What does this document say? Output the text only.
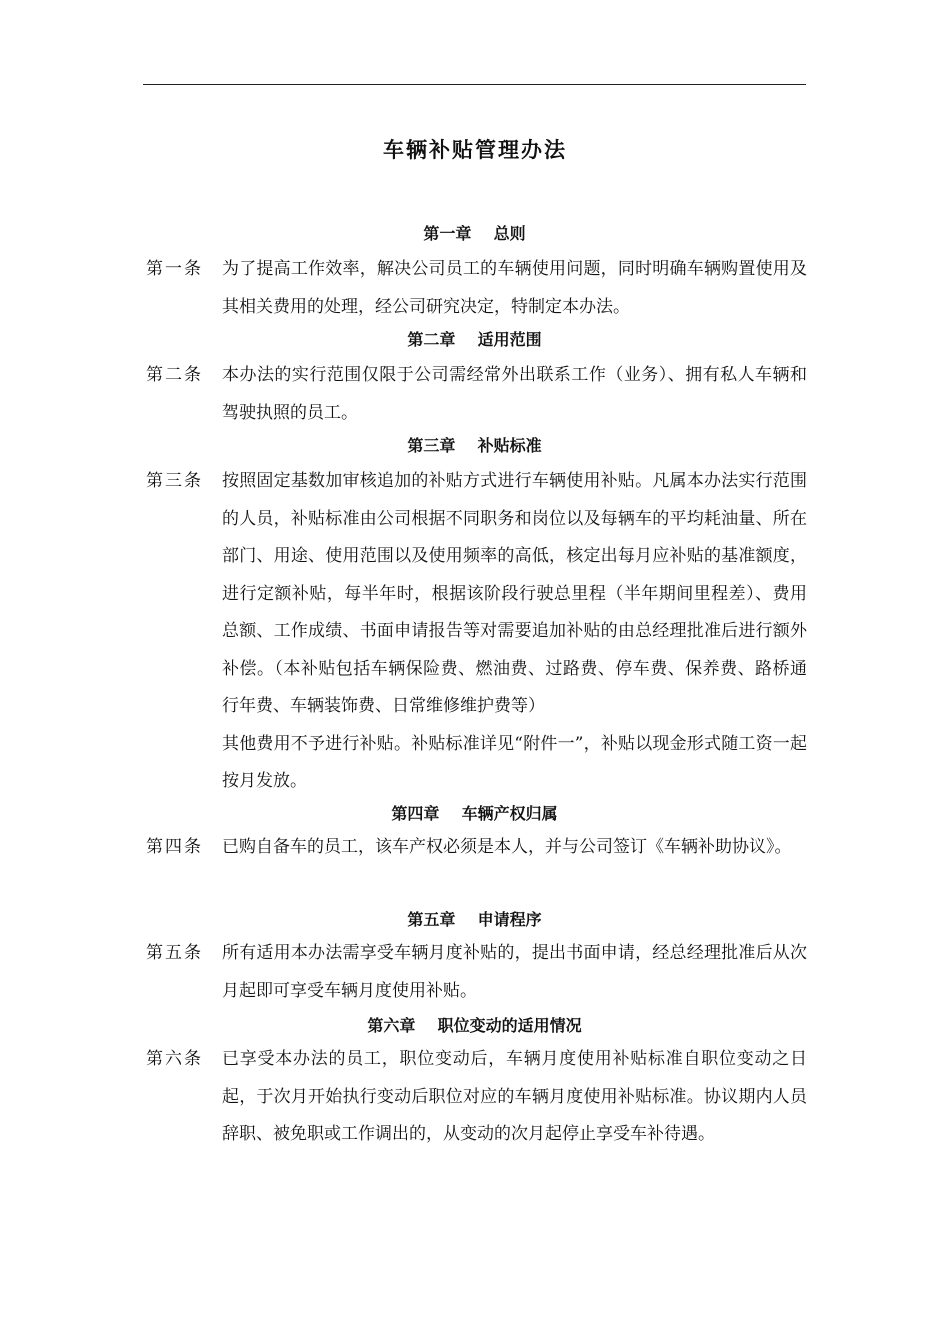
车辆补贴管理办法
第一章    总则
第一条 为了提高工作效率，解决公司员工的车辆使用问题，同时明确车辆购置使用及其相关费用的处理，经公司研究决定，特制定本办法。

第二章    适用范围
第二条 本办法的实行范围仅限于公司需经常外出联系工作（业务）、拥有私人车辆和驾驶执照的员工。

第三章    补贴标准
第三条 按照固定基数加审核追加的补贴方式进行车辆使用补贴。凡属本办法实行范围的人员，补贴标准由公司根据不同职务和岗位以及每辆车的平均耗油量、所在部门、用途、使用范围以及使用频率的高低，核定出每月应补贴的基准额度，进行定额补贴，每半年时，根据该阶段行驶总里程（半年期间里程差）、费用总额、工作成绩、书面申请报告等对需要追加补贴的由总经理批准后进行额外补偿。（本补贴包括车辆保险费、燃油费、过路费、停车费、保养费、路桥通行年费、车辆装饰费、日常维修维护费等）

其他费用不予进行补贴。补贴标准详见“附件一”，补贴以现金形式随工资一起按月发放。

第四章    车辆产权归属
第四条 已购自备车的员工，该车产权必须是本人，并与公司签订《车辆补助协议》。

第五章    申请程序
第五条 所有适用本办法需享受车辆月度补贴的，提出书面申请，经总经理批准后从次月起即可享受车辆月度使用补贴。

第六章    职位变动的适用情况
第六条 已享受本办法的员工，职位变动后，车辆月度使用补贴标准自职位变动之日起，于次月开始执行变动后职位对应的车辆月度使用补贴标准。协议期内人员辞职、被免职或工作调出的，从变动的次月起停止享受车补待遇。
